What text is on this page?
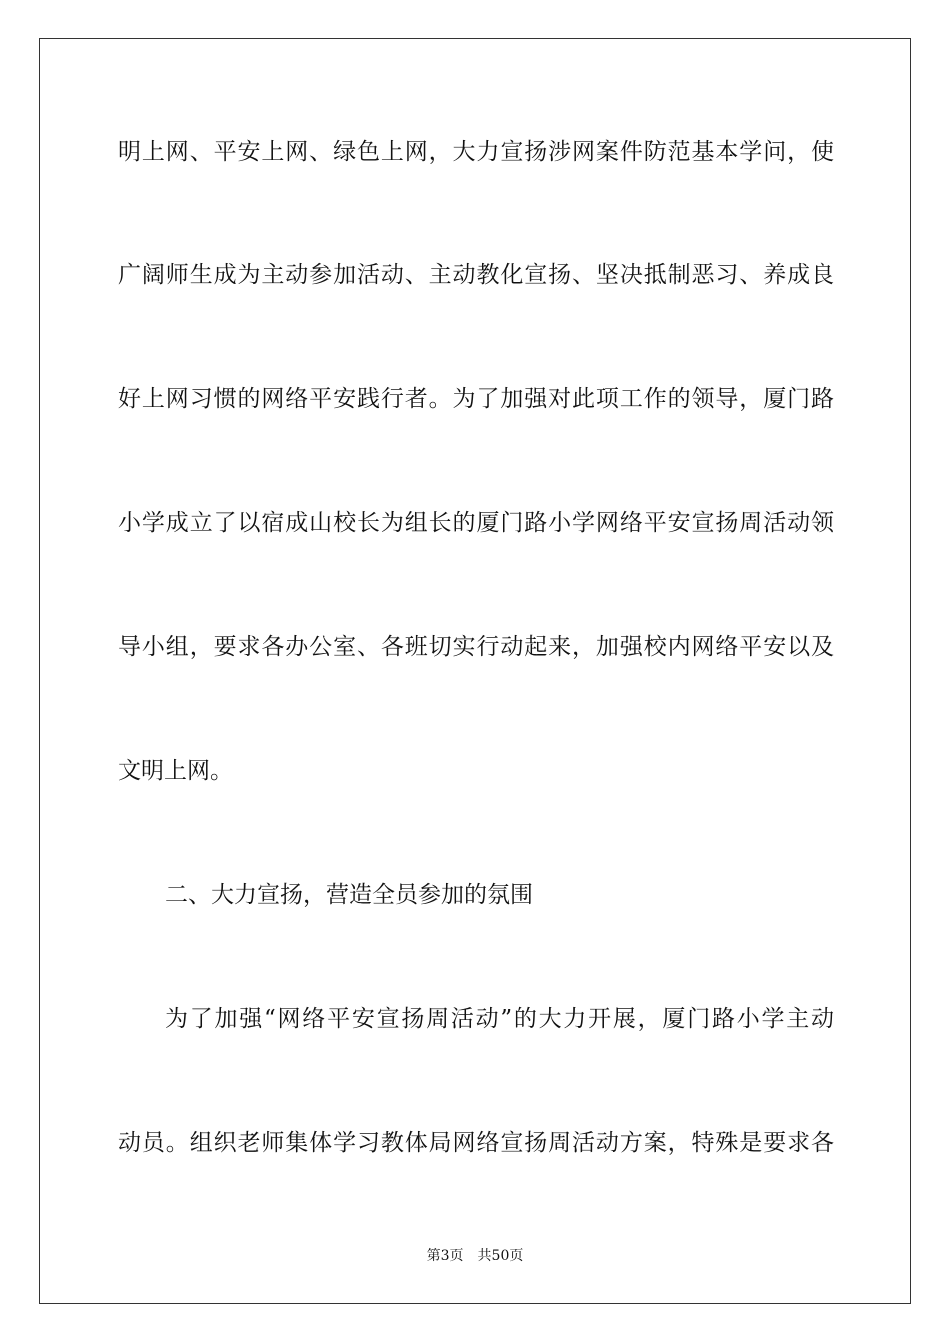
明上网、平安上网、绿色上网，大力宣扬涉网案件防范基本学问，使
广阔师生成为主动参加活动、主动教化宣扬、坚决抵制恶习、养成良
好上网习惯的网络平安践行者。为了加强对此项工作的领导，厦门路
小学成立了以宿成山校长为组长的厦门路小学网络平安宣扬周活动领
导小组，要求各办公室、各班切实行动起来，加强校内网络平安以及
文明上网。
二、大力宣扬，营造全员参加的氛围
为了加强“网络平安宣扬周活动”的大力开展，厦门路小学主动
动员。组织老师集体学习教体局网络宣扬周活动方案，特殊是要求各
第3页 共50页
